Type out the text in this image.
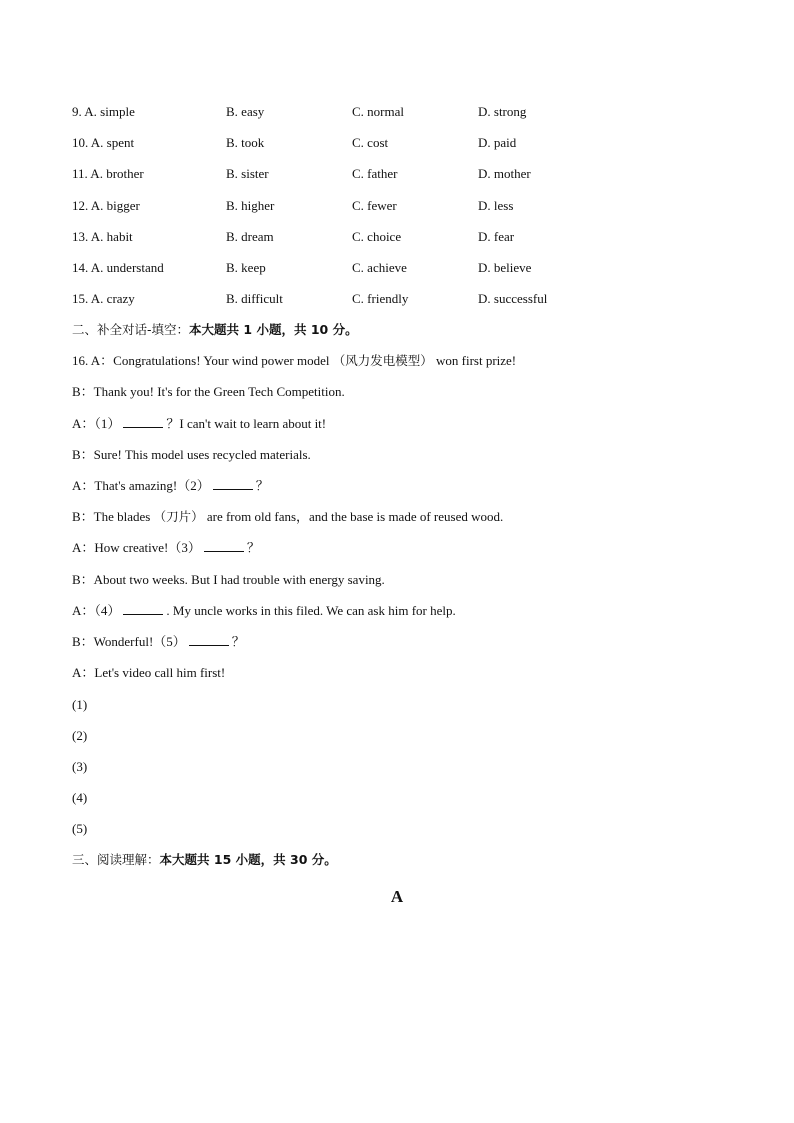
9. A. simple	B. easy	C. normal	D. strong
10. A. spent	B. took	C. cost	D. paid
11. A. brother	B. sister	C. father	D. mother
12. A. bigger	B. higher	C. fewer	D. less
13. A. habit	B. dream	C. choice	D. fear
14. A. understand	B. keep	C. achieve	D. believe
15. A. crazy	B. difficult	C. friendly	D. successful
二、补全对话-填空：本大题共 1 小题，共 10 分。
16. A：Congratulations! Your wind power model （风力发电模型） won first prize!
B：Thank you! It's for the Green Tech Competition.
A：（1）	？I can't wait to learn about it!
B：Sure! This model uses recycled materials.
A：That's amazing!（2）	？
B：The blades （刀片） are from old fans，and the base is made of reused wood.
A：How creative!（3）	？
B：About two weeks. But I had trouble with energy saving.
A：（4）	. My uncle works in this filed. We can ask him for help.
B：Wonderful!（5）	？
A：Let's video call him first!
(1)
(2)
(3)
(4)
(5)
三、阅读理解：本大题共 15 小题，共 30 分。
A
